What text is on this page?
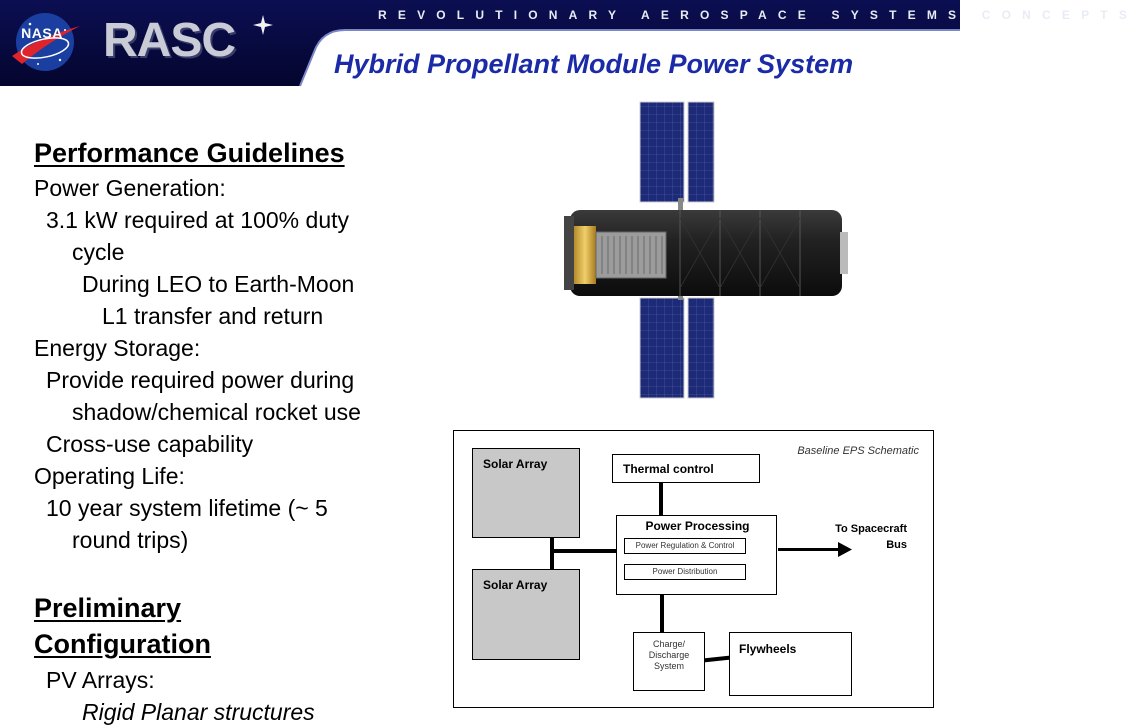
NASA RASC	REVOLUTIONARY AEROSPACE SYSTEMS CONCEPTS
Hybrid Propellant Module Power System
Performance Guidelines
Power Generation:
3.1 kW required at 100% duty
cycle
During LEO to Earth-Moon
L1 transfer and return
Energy Storage:
Provide required power during
shadow/chemical rocket use
Cross-use capability
Operating Life:
10 year system lifetime (~ 5
round trips)
Preliminary
Configuration
PV Arrays:
Rigid Planar structures
Baseline EPS Schematic
Solar Array
Solar Array
Thermal control
Power Processing
Power Regulation & Control
Power Distribution
Charge/
Discharge
System
Flywheels
To Spacecraft
Bus
